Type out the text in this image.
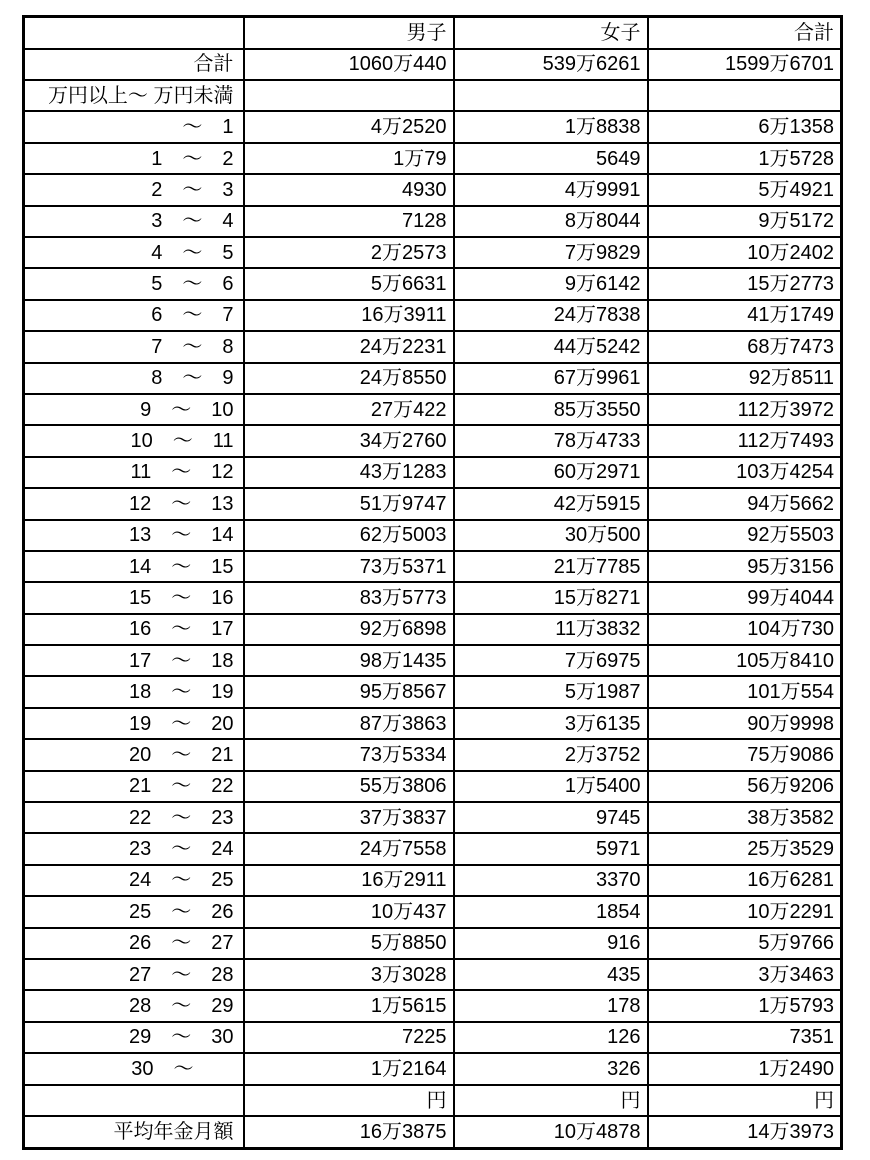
	男子	女子	合計
合計	1060万440	539万6261	1599万6701
万円以上～ 万円未満			
～　1	4万2520	1万8838	6万1358
1　～　2	1万79	5649	1万5728
2　～　3	4930	4万9991	5万4921
3　～　4	7128	8万8044	9万5172
4　～　5	2万2573	7万9829	10万2402
5　～　6	5万6631	9万6142	15万2773
6　～　7	16万3911	24万7838	41万1749
7　～　8	24万2231	44万5242	68万7473
8　～　9	24万8550	67万9961	92万8511
9　～　10	27万422	85万3550	112万3972
10　～　11	34万2760	78万4733	112万7493
11　～　12	43万1283	60万2971	103万4254
12　～　13	51万9747	42万5915	94万5662
13　～　14	62万5003	30万500	92万5503
14　～　15	73万5371	21万7785	95万3156
15　～　16	83万5773	15万8271	99万4044
16　～　17	92万6898	11万3832	104万730
17　～　18	98万1435	7万6975	105万8410
18　～　19	95万8567	5万1987	101万554
19　～　20	87万3863	3万6135	90万9998
20　～　21	73万5334	2万3752	75万9086
21　～　22	55万3806	1万5400	56万9206
22　～　23	37万3837	9745	38万3582
23　～　24	24万7558	5971	25万3529
24　～　25	16万2911	3370	16万6281
25　～　26	10万437	1854	10万2291
26　～　27	5万8850	916	5万9766
27　～　28	3万3028	435	3万3463
28　～　29	1万5615	178	1万5793
29　～　30	7225	126	7351
30　～　　	1万2164	326	1万2490
	円	円	円
平均年金月額	16万3875	10万4878	14万3973
